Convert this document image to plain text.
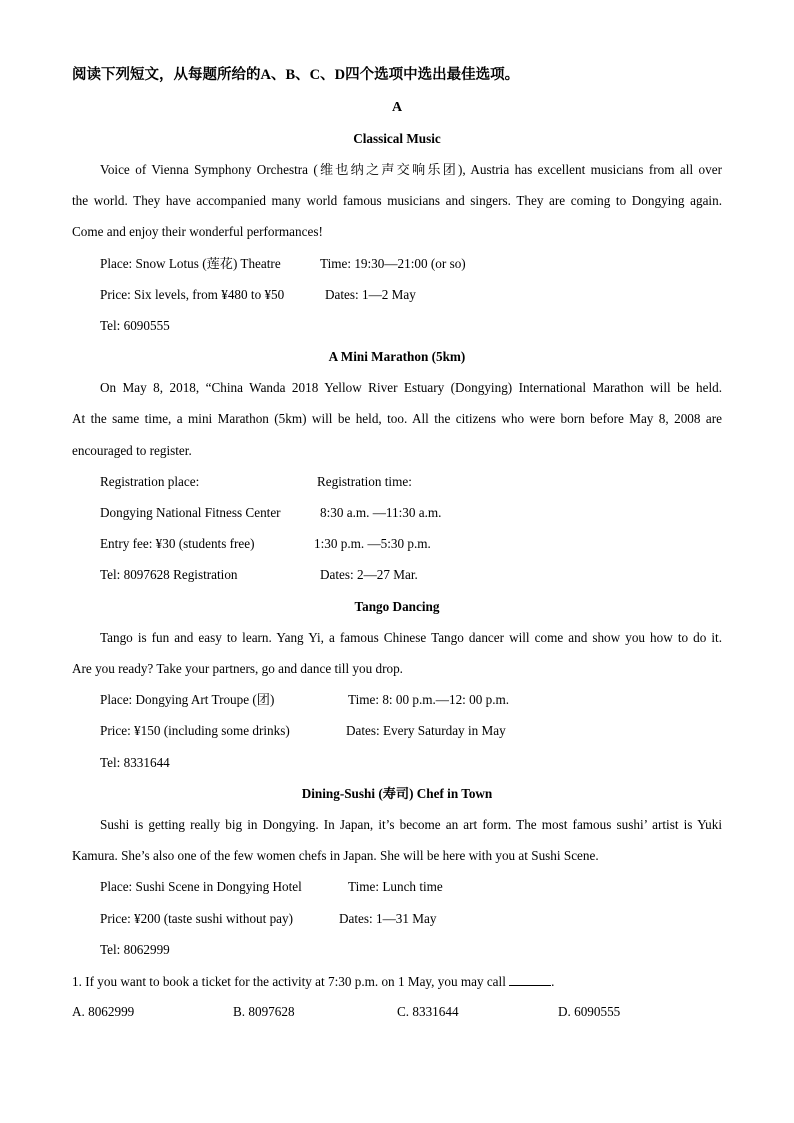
阅读下列短文，从每题所给的A、B、C、D四个选项中选出最佳选项。
A
Classical Music
Voice of Vienna Symphony Orchestra (维也纳之声交响乐团), Austria has excellent musicians from all over
the world. They have accompanied many world famous musicians and singers. They are coming to Dongying again.
Come and enjoy their wonderful performances!
Place: Snow Lotus (莲花) Theatre	Time: 19:30—21:00 (or so)
Price: Six levels, from ¥480 to ¥50	Dates: 1—2 May
Tel: 6090555
A Mini Marathon (5km)
On May 8, 2018, “China Wanda 2018 Yellow River Estuary (Dongying) International Marathon will be held.
At the same time, a mini Marathon (5km) will be held, too. All the citizens who were born before May 8, 2008 are
encouraged to register.
Registration place:	Registration time:
Dongying National Fitness Center	8:30 a.m. —11:30 a.m.
Entry fee: ¥30 (students free)	1:30 p.m. —5:30 p.m.
Tel: 8097628 Registration	Dates: 2—27 Mar.
Tango Dancing
Tango is fun and easy to learn. Yang Yi, a famous Chinese Tango dancer will come and show you how to do it.
Are you ready? Take your partners, go and dance till you drop.
Place: Dongying Art Troupe (团)	Time: 8: 00 p.m.—12: 00 p.m.
Price: ¥150 (including some drinks)	Dates: Every Saturday in May
Tel: 8331644
Dining-Sushi (寿司) Chef in Town
Sushi is getting really big in Dongying. In Japan, it’s become an art form. The most famous sushi’ artist is Yuki
Kamura. She’s also one of the few women chefs in Japan. She will be here with you at Sushi Scene.
Place: Sushi Scene in Dongying Hotel	Time: Lunch time
Price: ¥200 (taste sushi without pay)	Dates: 1—31 May
Tel: 8062999
1. If you want to book a ticket for the activity at 7:30 p.m. on 1 May, you may call	.
A. 8062999	B. 8097628	C. 8331644	D. 6090555
